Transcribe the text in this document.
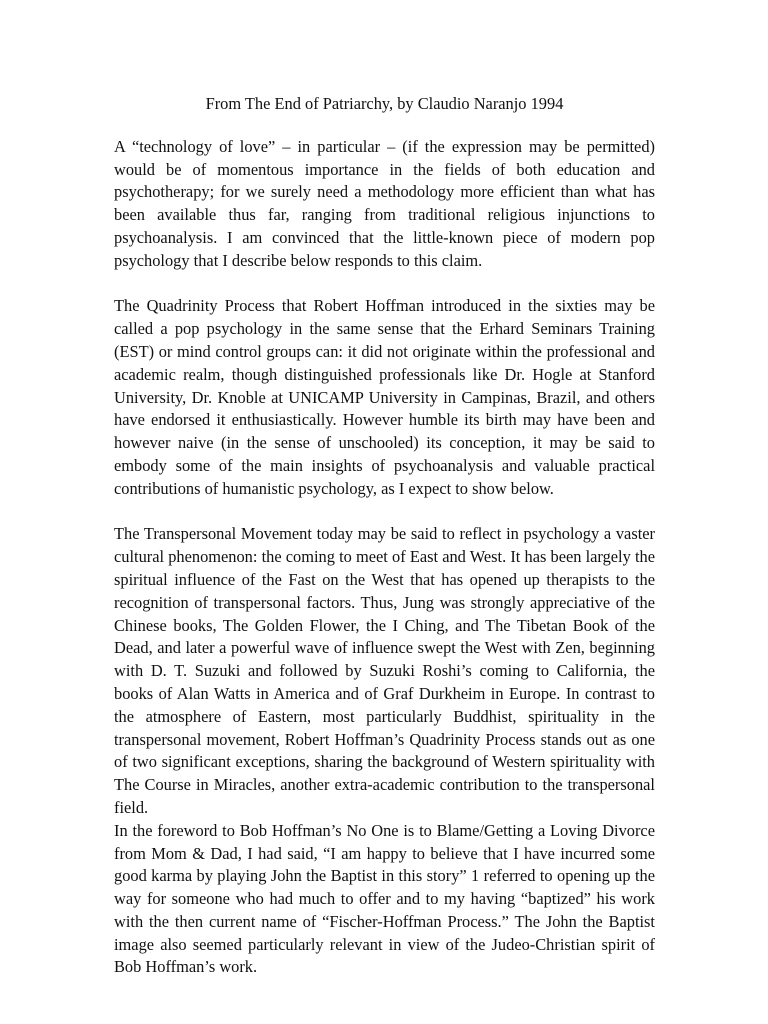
From The End of Patriarchy, by Claudio Naranjo 1994

A “technology of love” – in particular – (if the expression may be permitted) would be of momentous importance in the fields of both education and psychotherapy; for we surely need a methodology more efficient than what has been available thus far, ranging from traditional religious injunctions to psychoanalysis. I am convinced that the little-known piece of modern pop psychology that I describe below responds to this claim.

The Quadrinity Process that Robert Hoffman introduced in the sixties may be called a pop psychology in the same sense that the Erhard Seminars Training (EST) or mind control groups can: it did not originate within the professional and academic realm, though distinguished professionals like Dr. Hogle at Stanford University, Dr. Knoble at UNICAMP University in Campinas, Brazil, and others have endorsed it enthusiastically. However humble its birth may have been and however naive (in the sense of unschooled) its conception, it may be said to embody some of the main insights of psychoanalysis and valuable practical contributions of humanistic psychology, as I expect to show below.

The Transpersonal Movement today may be said to reflect in psychology a vaster cultural phenomenon: the coming to meet of East and West. It has been largely the spiritual influence of the Fast on the West that has opened up therapists to the recognition of transpersonal factors. Thus, Jung was strongly appreciative of the Chinese books, The Golden Flower, the I Ching, and The Tibetan Book of the Dead, and later a powerful wave of influence swept the West with Zen, beginning with D. T. Suzuki and followed by Suzuki Roshi’s coming to California, the books of Alan Watts in America and of Graf Durkheim in Europe. In contrast to the atmosphere of Eastern, most particularly Buddhist, spirituality in the transpersonal movement, Robert Hoffman’s Quadrinity Process stands out as one of two significant exceptions, sharing the background of Western spirituality with The Course in Miracles, another extra-academic contribution to the transpersonal field.

In the foreword to Bob Hoffman’s No One is to Blame/Getting a Loving Divorce from Mom & Dad, I had said, “I am happy to believe that I have incurred some good karma by playing John the Baptist in this story” 1 referred to opening up the way for someone who had much to offer and to my having “baptized” his work with the then current name of “Fischer-Hoffman Process.” The John the Baptist image also seemed particularly relevant in view of the Judeo-Christian spirit of Bob Hoffman’s work.
